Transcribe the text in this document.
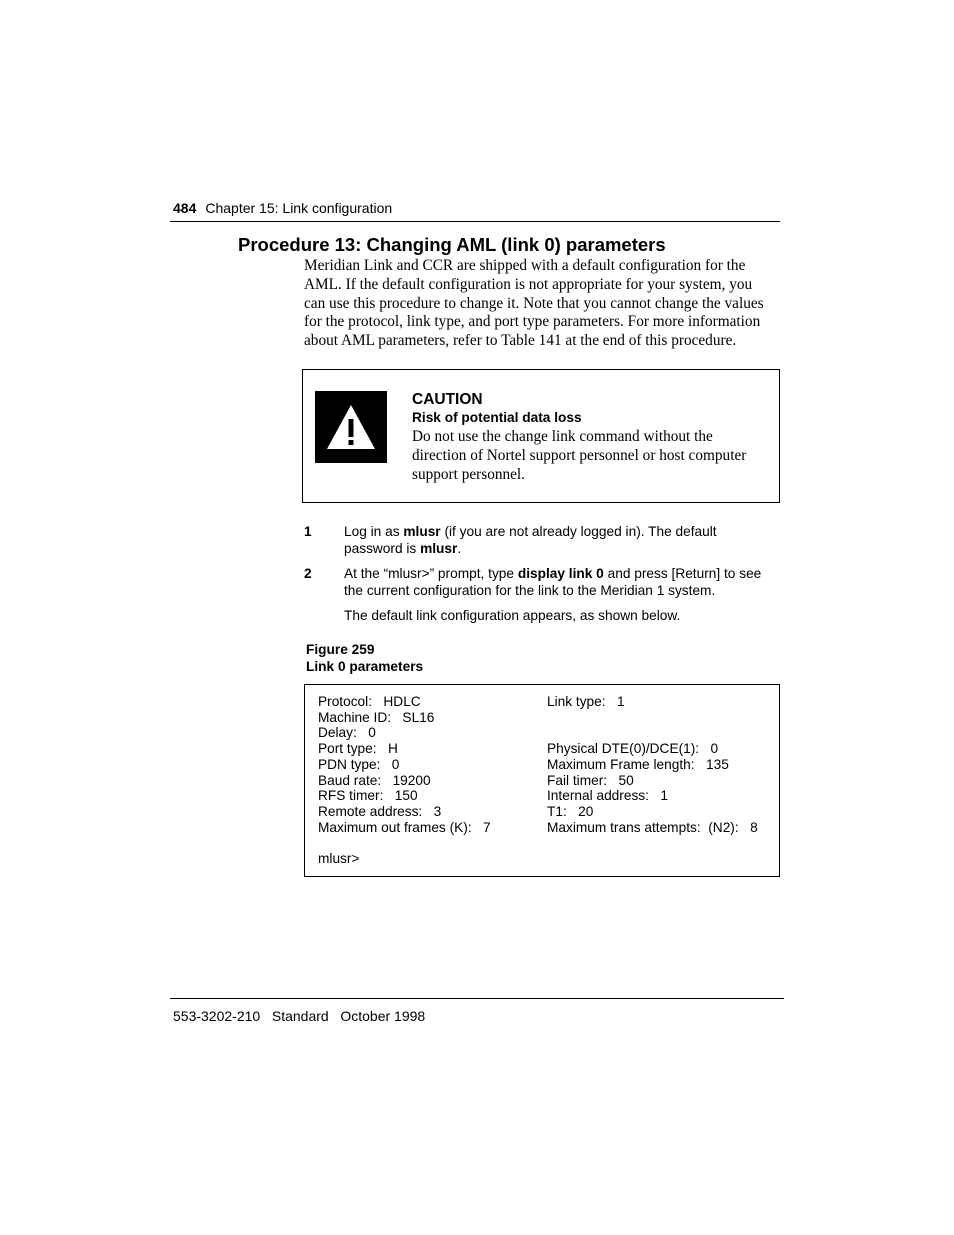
484 Chapter 15: Link configuration
Procedure 13: Changing AML (link 0) parameters
Meridian Link and CCR are shipped with a default configuration for the
AML. If the default configuration is not appropriate for your system, you
can use this procedure to change it. Note that you cannot change the values
for the protocol, link type, and port type parameters. For more information
about AML parameters, refer to Table 141 at the end of this procedure.
CAUTION
Risk of potential data loss
Do not use the change link command without the
direction of Nortel support personnel or host computer
support personnel.
1 Log in as mlusr (if you are not already logged in). The default
password is mlusr.
2 At the “mlusr>” prompt, type display link 0 and press [Return] to see
the current configuration for the link to the Meridian 1 system.
The default link configuration appears, as shown below.
Figure 259
Link 0 parameters
Protocol:   HDLC
Machine ID:   SL16
Delay:   0
Port type:   H
PDN type:   0
Baud rate:   19200
RFS timer:   150
Remote address:   3
Maximum out frames (K):   7

mlusr>
Link type:   1

Physical DTE(0)/DCE(1):   0
Maximum Frame length:   135
Fail timer:   50
Internal address:   1
T1:   20
Maximum trans attempts:  (N2):   8
553-3202-210   Standard   October 1998
